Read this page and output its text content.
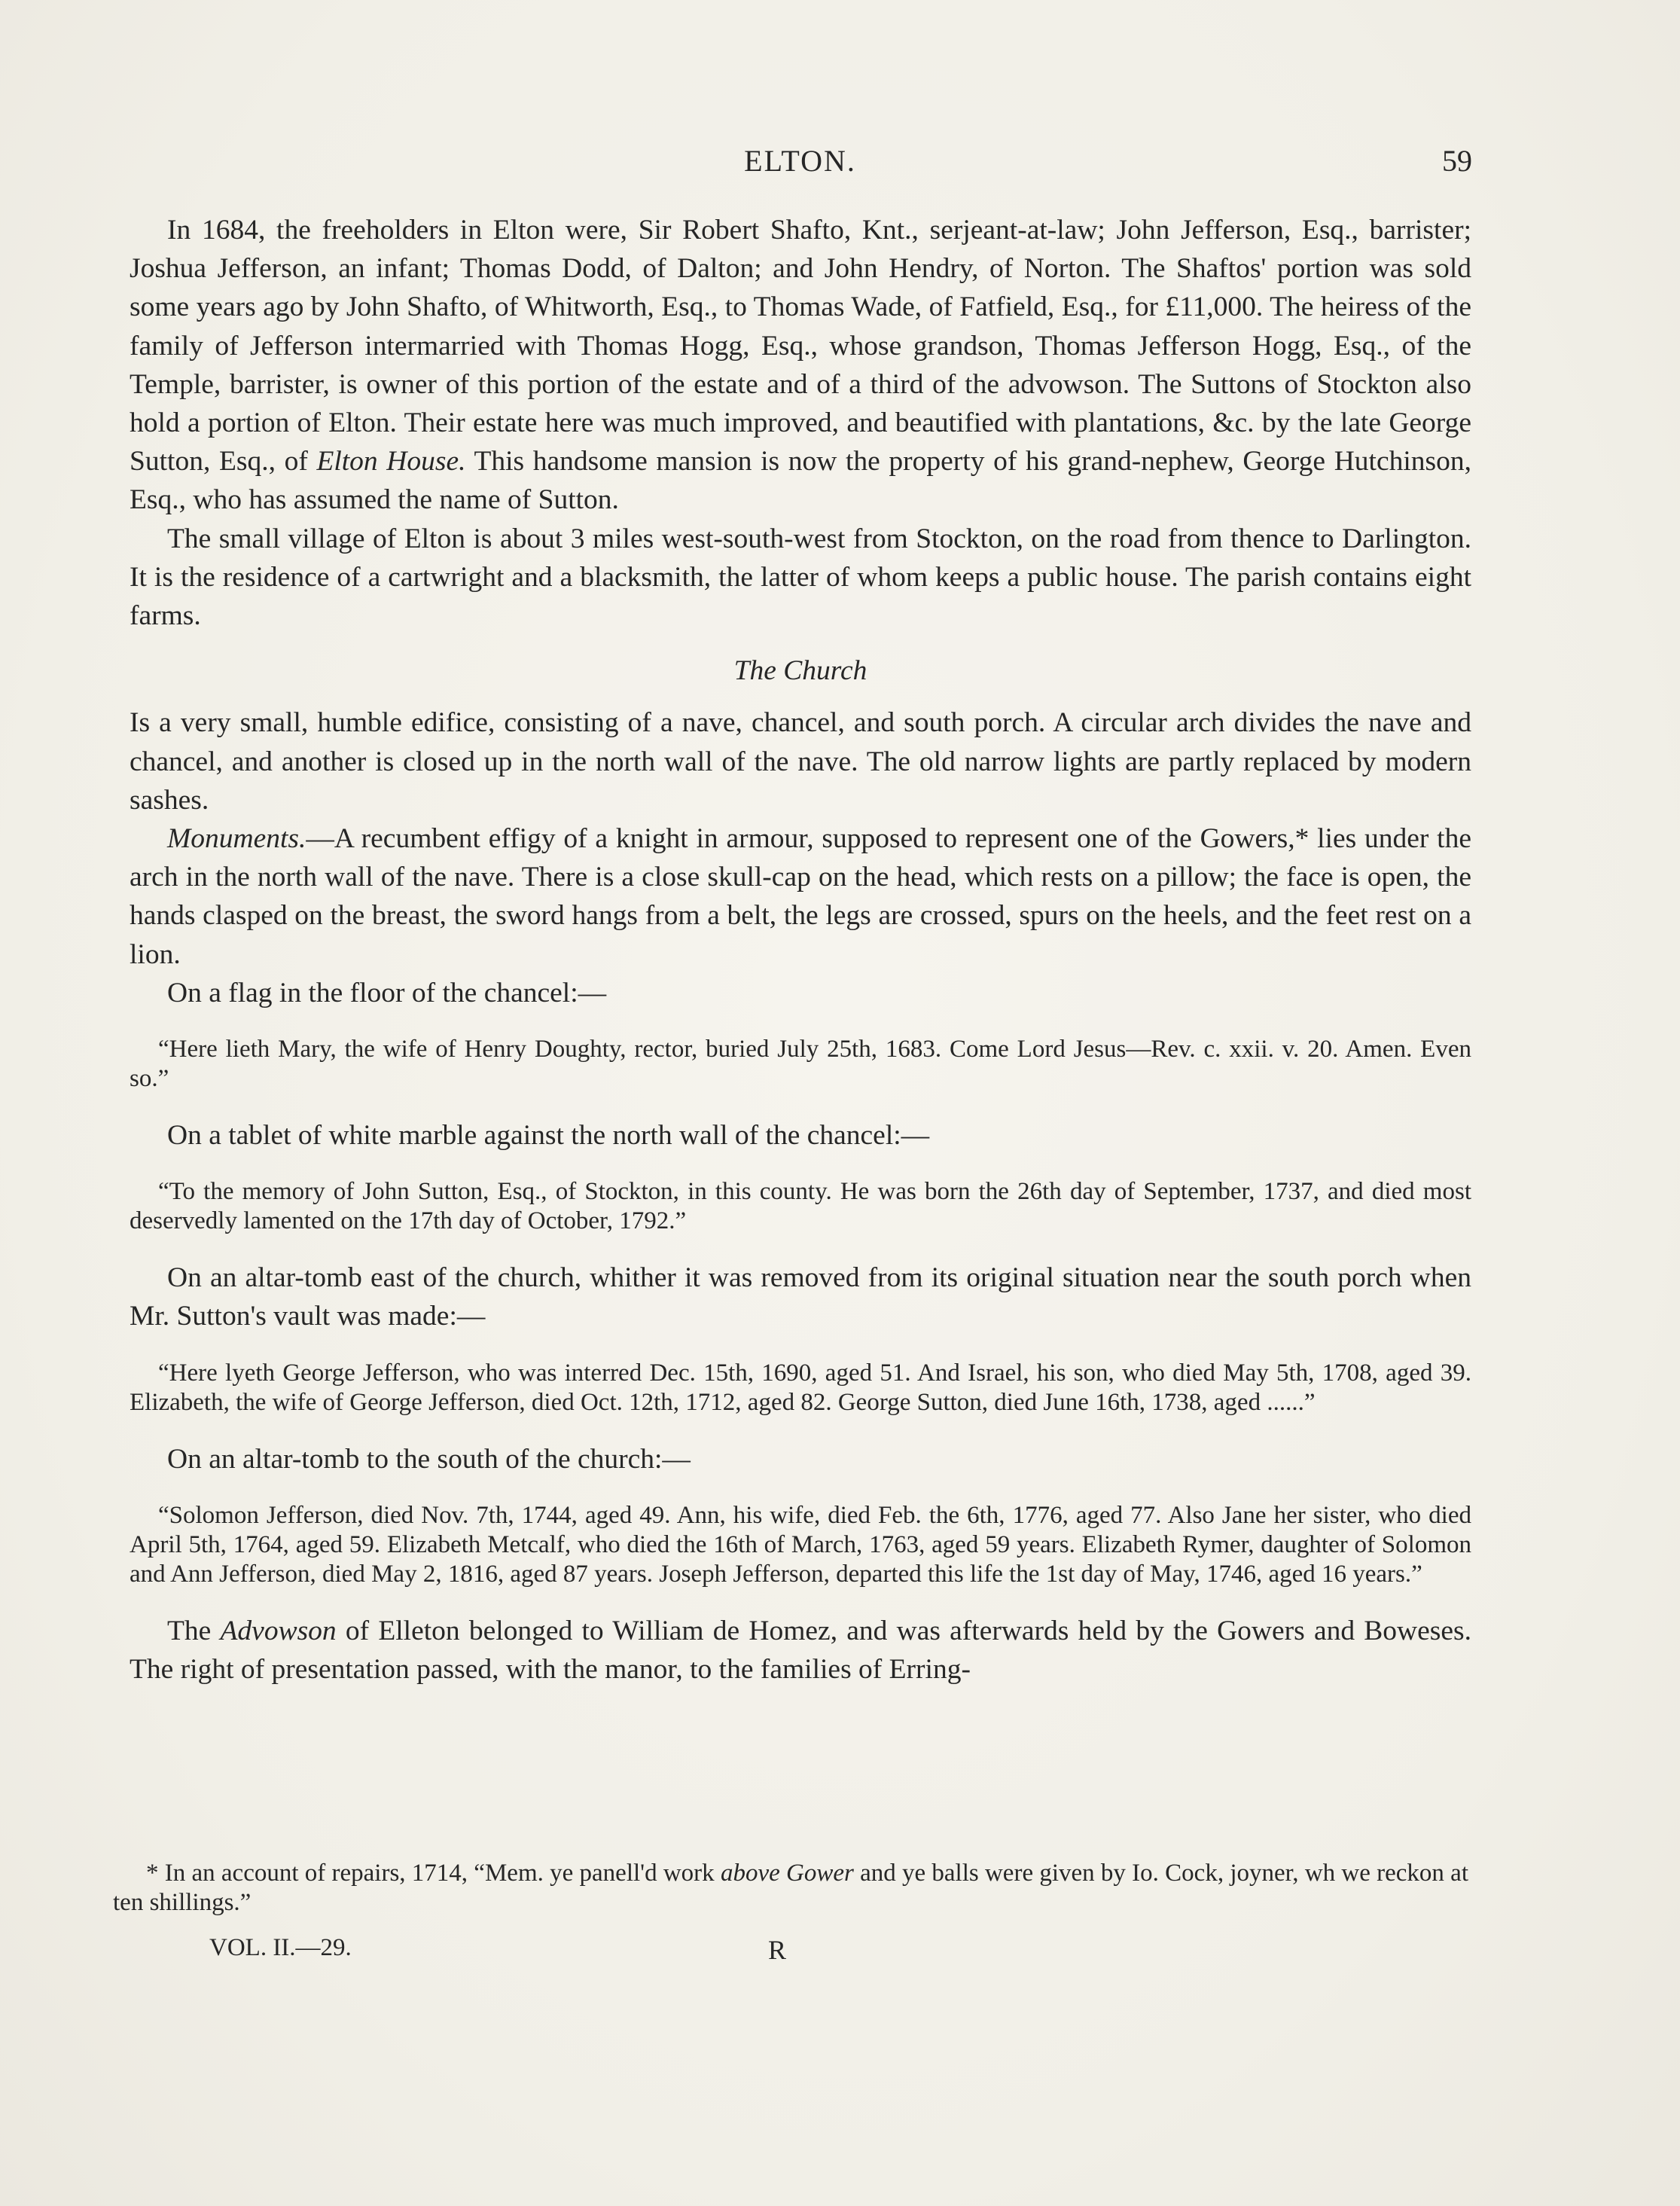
ELTON.	59

In 1684, the freeholders in Elton were, Sir Robert Shafto, Knt., serjeant-at-law; John Jefferson, Esq., barrister; Joshua Jefferson, an infant; Thomas Dodd, of Dalton; and John Hendry, of Norton. The Shaftos' portion was sold some years ago by John Shafto, of Whitworth, Esq., to Thomas Wade, of Fatfield, Esq., for £11,000. The heiress of the family of Jefferson intermarried with Thomas Hogg, Esq., whose grandson, Thomas Jefferson Hogg, Esq., of the Temple, barrister, is owner of this portion of the estate and of a third of the advowson. The Suttons of Stockton also hold a portion of Elton. Their estate here was much improved, and beautified with plantations, &c. by the late George Sutton, Esq., of Elton House. This handsome mansion is now the property of his grand-nephew, George Hutchinson, Esq., who has assumed the name of Sutton.

The small village of Elton is about 3 miles west-south-west from Stockton, on the road from thence to Darlington. It is the residence of a cartwright and a blacksmith, the latter of whom keeps a public house. The parish contains eight farms.

The Church

Is a very small, humble edifice, consisting of a nave, chancel, and south porch. A circular arch divides the nave and chancel, and another is closed up in the north wall of the nave. The old narrow lights are partly replaced by modern sashes.

Monuments.—A recumbent effigy of a knight in armour, supposed to represent one of the Gowers,* lies under the arch in the north wall of the nave. There is a close skull-cap on the head, which rests on a pillow; the face is open, the hands clasped on the breast, the sword hangs from a belt, the legs are crossed, spurs on the heels, and the feet rest on a lion.

On a flag in the floor of the chancel:—

“Here lieth Mary, the wife of Henry Doughty, rector, buried July 25th, 1683. Come Lord Jesus—Rev. c. xxii. v. 20. Amen. Even so.”

On a tablet of white marble against the north wall of the chancel:—

“To the memory of John Sutton, Esq., of Stockton, in this county. He was born the 26th day of September, 1737, and died most deservedly lamented on the 17th day of October, 1792.”

On an altar-tomb east of the church, whither it was removed from its original situation near the south porch when Mr. Sutton's vault was made:—

“Here lyeth George Jefferson, who was interred Dec. 15th, 1690, aged 51. And Israel, his son, who died May 5th, 1708, aged 39. Elizabeth, the wife of George Jefferson, died Oct. 12th, 1712, aged 82. George Sutton, died June 16th, 1738, aged ......”

On an altar-tomb to the south of the church:—

“Solomon Jefferson, died Nov. 7th, 1744, aged 49. Ann, his wife, died Feb. the 6th, 1776, aged 77. Also Jane her sister, who died April 5th, 1764, aged 59. Elizabeth Metcalf, who died the 16th of March, 1763, aged 59 years. Elizabeth Rymer, daughter of Solomon and Ann Jefferson, died May 2, 1816, aged 87 years. Joseph Jefferson, departed this life the 1st day of May, 1746, aged 16 years.”

The Advowson of Elleton belonged to William de Homez, and was afterwards held by the Gowers and Boweses. The right of presentation passed, with the manor, to the families of Erring-

* In an account of repairs, 1714, “Mem. ye panell'd work above Gower and ye balls were given by Io. Cock, joyner, wh we reckon at ten shillings.”
VOL. II.—29.	R
